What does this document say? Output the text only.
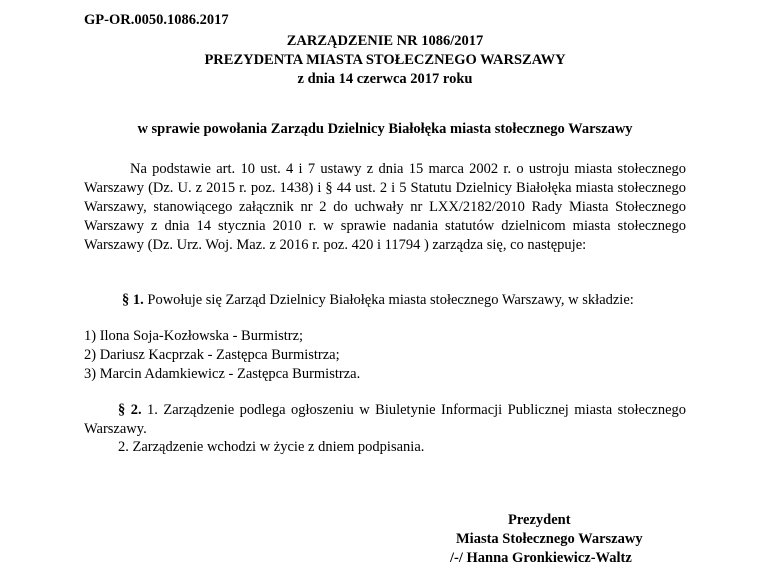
GP-OR.0050.1086.2017
ZARZĄDZENIE NR 1086/2017
PREZYDENTA MIASTA STOŁECZNEGO WARSZAWY
z dnia 14 czerwca 2017 roku
w sprawie powołania Zarządu Dzielnicy Białołęka miasta stołecznego Warszawy
Na podstawie art. 10 ust. 4 i 7 ustawy z dnia 15 marca 2002 r. o ustroju miasta stołecznego Warszawy (Dz. U. z 2015 r. poz. 1438) i § 44 ust. 2 i 5 Statutu Dzielnicy Białołęka miasta stołecznego Warszawy, stanowiącego załącznik nr 2 do uchwały nr LXX/2182/2010 Rady Miasta Stołecznego Warszawy z dnia 14 stycznia 2010 r. w sprawie nadania statutów dzielnicom miasta stołecznego Warszawy (Dz. Urz. Woj. Maz. z 2016 r. poz. 420 i 11794 ) zarządza się, co następuje:
§ 1. Powołuje się Zarząd Dzielnicy Białołęka miasta stołecznego Warszawy, w składzie:
1) Ilona Soja-Kozłowska - Burmistrz;
2) Dariusz Kacprzak - Zastępca Burmistrza;
3) Marcin Adamkiewicz - Zastępca Burmistrza.
§ 2. 1. Zarządzenie podlega ogłoszeniu w Biuletynie Informacji Publicznej miasta stołecznego Warszawy.
2. Zarządzenie wchodzi w życie z dniem podpisania.
Prezydent
Miasta Stołecznego Warszawy
/-/ Hanna Gronkiewicz-Waltz
